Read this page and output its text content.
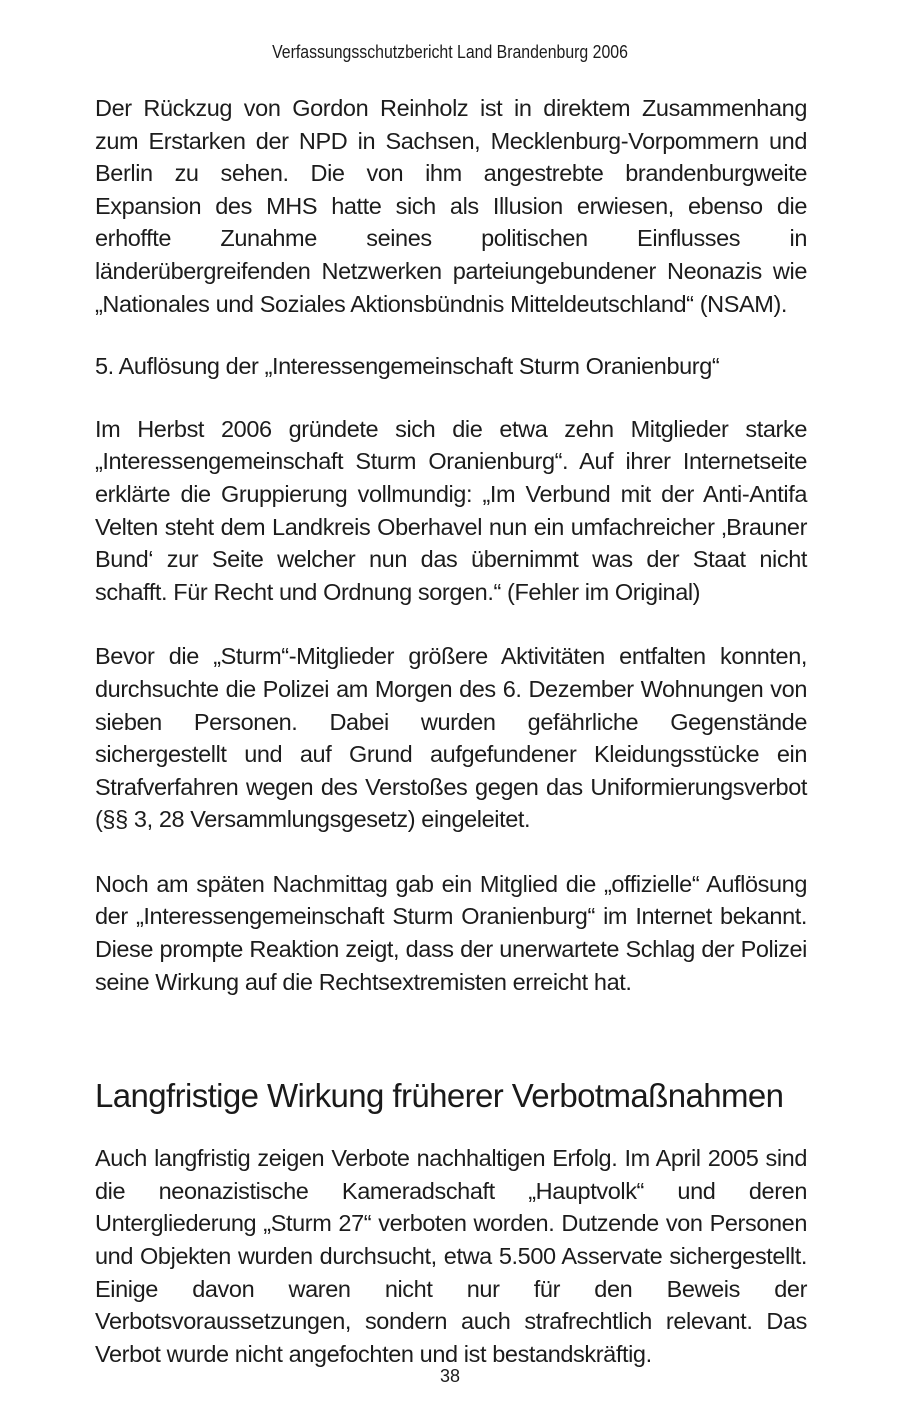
Verfassungsschutzbericht Land Brandenburg 2006

Der Rückzug von Gordon Reinholz ist in direktem Zusammenhang zum Erstarken der NPD in Sachsen, Mecklenburg-Vorpommern und Berlin zu sehen. Die von ihm angestrebte brandenburgweite Expansion des MHS hatte sich als Illusion erwiesen, ebenso die erhoffte Zunahme seines politischen Einflusses in länderübergreifenden Netzwerken parteiungebundener Neonazis wie „Nationales und Soziales Aktionsbündnis Mitteldeutschland“ (NSAM).

5. Auflösung der „Interessengemeinschaft Sturm Oranienburg“

Im Herbst 2006 gründete sich die etwa zehn Mitglieder starke „Interessengemeinschaft Sturm Oranienburg“. Auf ihrer Internetseite erklärte die Gruppierung vollmundig: „Im Verbund mit der Anti-Antifa Velten steht dem Landkreis Oberhavel nun ein umfachreicher ‚Brauner Bund‘ zur Seite welcher nun das übernimmt was der Staat nicht schafft. Für Recht und Ordnung sorgen.“ (Fehler im Original)

Bevor die „Sturm“-Mitglieder größere Aktivitäten entfalten konnten, durchsuchte die Polizei am Morgen des 6. Dezember Wohnungen von sieben Personen. Dabei wurden gefährliche Gegenstände sichergestellt und auf Grund aufgefundener Kleidungsstücke ein Strafverfahren wegen des Verstoßes gegen das Uniformierungsverbot (§§ 3, 28 Versammlungsgesetz) eingeleitet.

Noch am späten Nachmittag gab ein Mitglied die „offizielle“ Auflösung der „Interessengemeinschaft Sturm Oranienburg“ im Internet bekannt. Diese prompte Reaktion zeigt, dass der unerwartete Schlag der Polizei seine Wirkung auf die Rechtsextremisten erreicht hat.

Langfristige Wirkung früherer Verbotmaßnahmen

Auch langfristig zeigen Verbote nachhaltigen Erfolg. Im April 2005 sind die neonazistische Kameradschaft „Hauptvolk“ und deren Untergliederung „Sturm 27“ verboten worden. Dutzende von Personen und Objekten wurden durchsucht, etwa 5.500 Asservate sichergestellt. Einige davon waren nicht nur für den Beweis der Verbotsvoraussetzungen, sondern auch strafrechtlich relevant. Das Verbot wurde nicht angefochten und ist bestandskräftig.

38
